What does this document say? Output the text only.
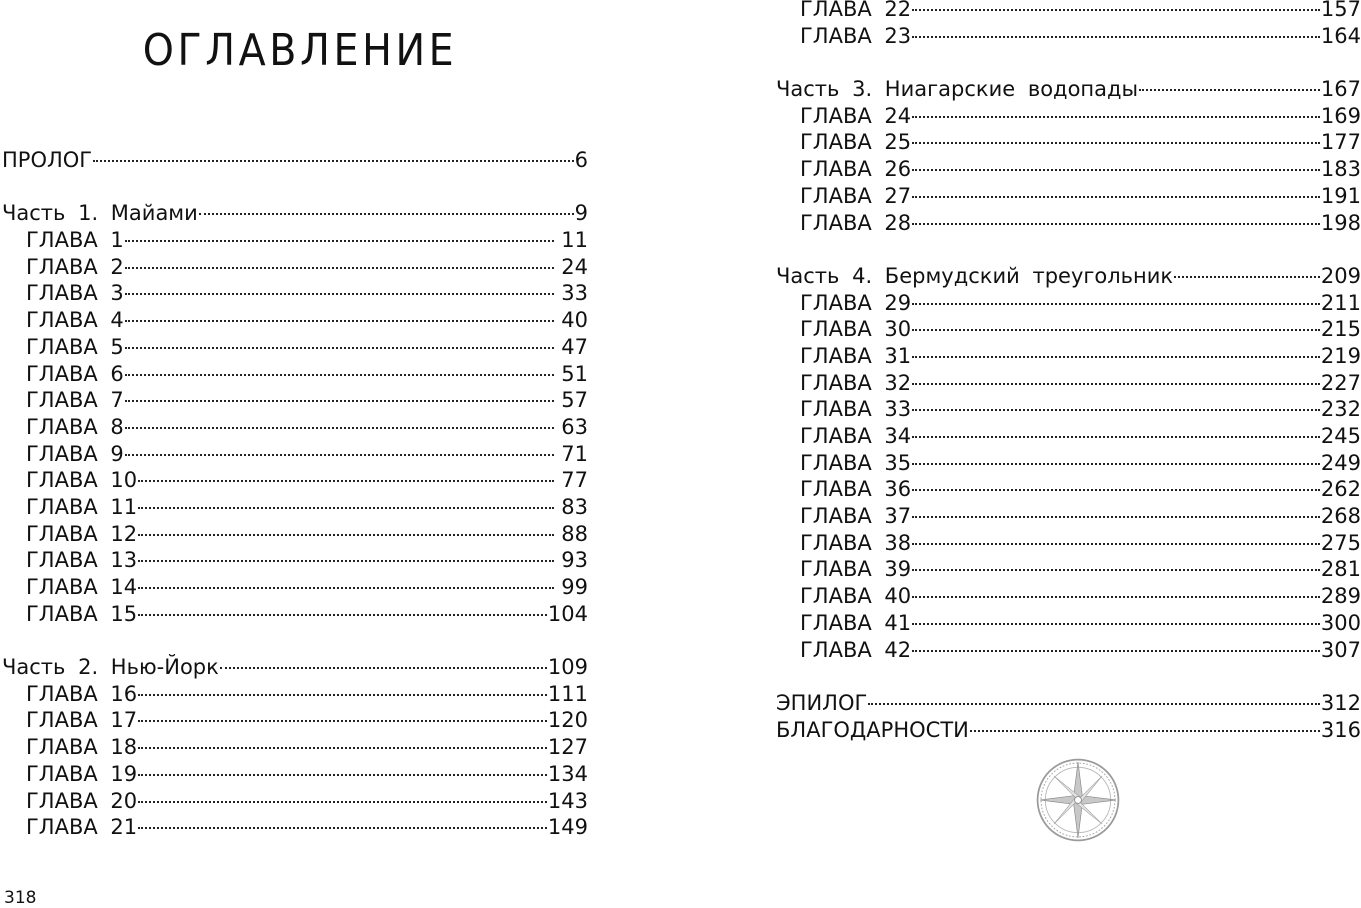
ОГЛАВЛЕНИЕ
ПРОЛОГ	6
Часть 1. Майами	9
ГЛАВА 1	11
ГЛАВА 2	24
ГЛАВА 3	33
ГЛАВА 4	40
ГЛАВА 5	47
ГЛАВА 6	51
ГЛАВА 7	57
ГЛАВА 8	63
ГЛАВА 9	71
ГЛАВА 10	77
ГЛАВА 11	83
ГЛАВА 12	88
ГЛАВА 13	93
ГЛАВА 14	99
ГЛАВА 15	104
Часть 2. Нью-Йорк	109
ГЛАВА 16	111
ГЛАВА 17	120
ГЛАВА 18	127
ГЛАВА 19	134
ГЛАВА 20	143
ГЛАВА 21	149
ГЛАВА 22	157
ГЛАВА 23	164
Часть 3. Ниагарские водопады	167
ГЛАВА 24	169
ГЛАВА 25	177
ГЛАВА 26	183
ГЛАВА 27	191
ГЛАВА 28	198
Часть 4. Бермудский треугольник	209
ГЛАВА 29	211
ГЛАВА 30	215
ГЛАВА 31	219
ГЛАВА 32	227
ГЛАВА 33	232
ГЛАВА 34	245
ГЛАВА 35	249
ГЛАВА 36	262
ГЛАВА 37	268
ГЛАВА 38	275
ГЛАВА 39	281
ГЛАВА 40	289
ГЛАВА 41	300
ГЛАВА 42	307
ЭПИЛОГ	312
БЛАГОДАРНОСТИ	316
318
